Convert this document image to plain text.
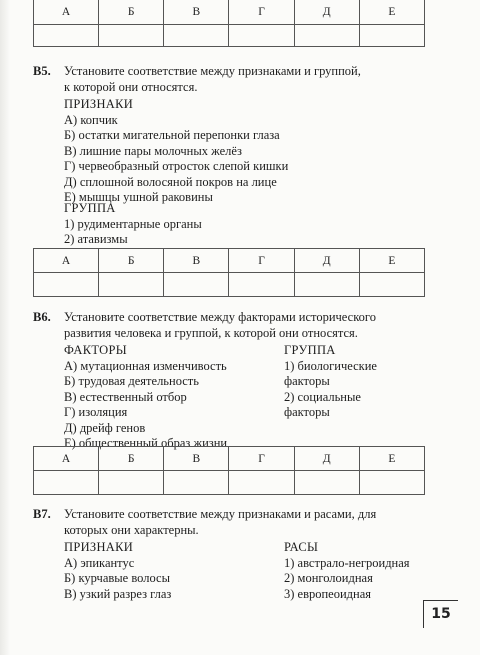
А	Б	В	Г	Д	Е

В5. Установите соответствие между признаками и группой,
к которой они относятся.
ПРИЗНАКИ
А) копчик
Б) остатки мигательной перепонки глаза
В) лишние пары молочных желёз
Г) червеобразный отросток слепой кишки
Д) сплошной волосяной покров на лице
Е) мышцы ушной раковины
ГРУППА
1) рудиментарные органы
2) атавизмы
А	Б	В	Г	Д	Е

В6. Установите соответствие между факторами исторического
развития человека и группой, к которой они относятся.
ФАКТОРЫ
А) мутационная изменчивость
Б) трудовая деятельность
В) естественный отбор
Г) изоляция
Д) дрейф генов
Е) общественный образ жизни
ГРУППА
1) биологические
факторы
2) социальные
факторы
А	Б	В	Г	Д	Е

В7. Установите соответствие между признаками и расами, для
которых они характерны.
ПРИЗНАКИ
А) эпикантус
Б) курчавые волосы
В) узкий разрез глаз
РАСЫ
1) австрало-негроидная
2) монголоидная
3) европеоидная
15
